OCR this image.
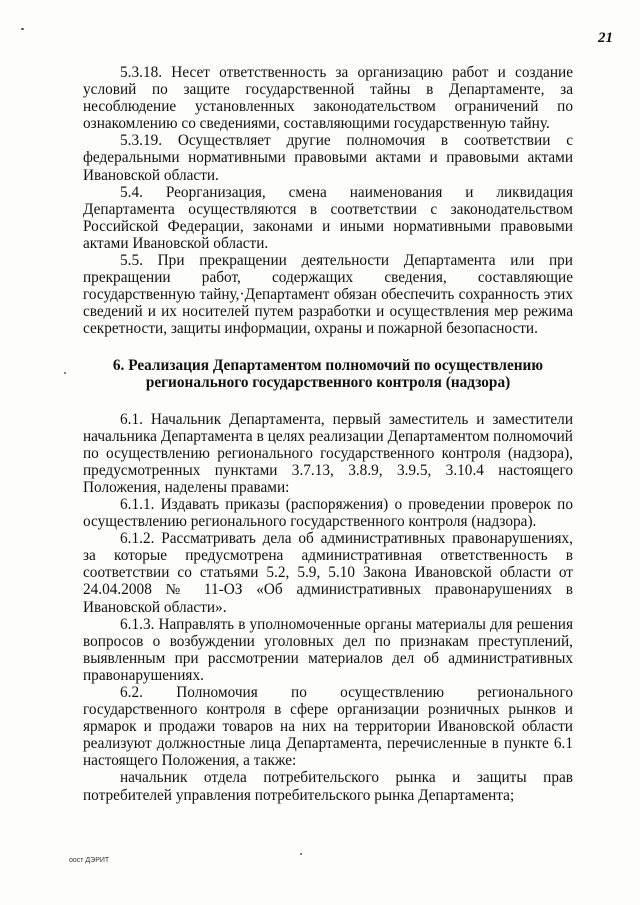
21

5.3.18. Несет ответственность за организацию работ и создание условий по защите государственной тайны в Департаменте, за несоблюдение установленных законодательством ограничений по ознакомлению со сведениями, составляющими государственную тайну.

5.3.19. Осуществляет другие полномочия в соответствии с федеральными нормативными правовыми актами и правовыми актами Ивановской области.

5.4. Реорганизация, смена наименования и ликвидация Департамента осуществляются в соответствии с законодательством Российской Федерации, законами и иными нормативными правовыми актами Ивановской области.

5.5. При прекращении деятельности Департамента или при прекращении работ, содержащих сведения, составляющие государственную тайну,·Департамент обязан обеспечить сохранность этих сведений и их носителей путем разработки и осуществления мер режима секретности, защиты информации, охраны и пожарной безопасности.

6. Реализация Департаментом полномочий по осуществлению
регионального государственного контроля (надзора)

6.1. Начальник Департамента, первый заместитель и заместители начальника Департамента в целях реализации Департаментом полномочий по осуществлению регионального государственного контроля (надзора), предусмотренных пунктами 3.7.13, 3.8.9, 3.9.5, 3.10.4 настоящего Положения, наделены правами:

6.1.1. Издавать приказы (распоряжения) о проведении проверок по осуществлению регионального государственного контроля (надзора).

6.1.2. Рассматривать дела об административных правонарушениях, за которые предусмотрена административная ответственность в соответствии со статьями 5.2, 5.9, 5.10 Закона Ивановской области от 24.04.2008 № 11-ОЗ «Об административных правонарушениях в Ивановской области».

6.1.3. Направлять в уполномоченные органы материалы для решения вопросов о возбуждении уголовных дел по признакам преступлений, выявленным при рассмотрении материалов дел об административных правонарушениях.

6.2. Полномочия по осуществлению регионального государственного контроля в сфере организации розничных рынков и ярмарок и продажи товаров на них на территории Ивановской области реализуют должностные лица Департамента, перечисленные в пункте 6.1 настоящего Положения, а также:

начальник отдела потребительского рынка и защиты прав потребителей управления потребительского рынка Департамента;

оост ДЭРИТ
